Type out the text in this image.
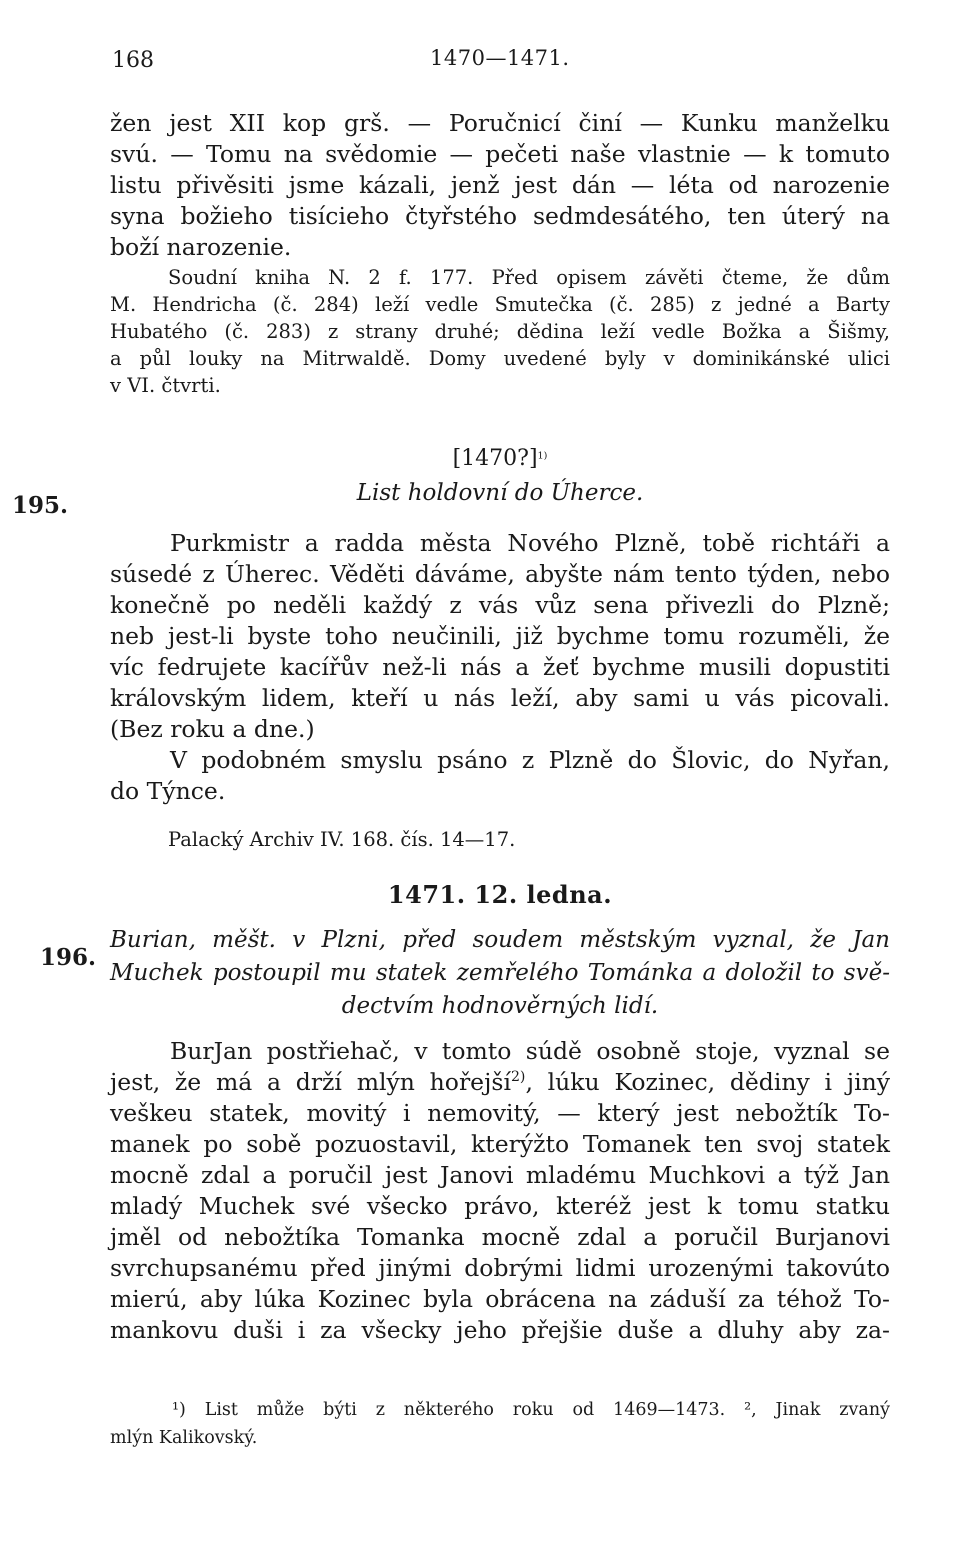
168	1470—1471.
žen jest XII kop grš. — Poručnicí činí — Kunku manželku
svú. — Tomu na svědomie — pečeti naše vlastnie — k tomuto
listu přivěsiti jsme kázali, jenž jest dán — léta od narozenie
syna božieho tisícieho čtyřstého sedmdesátého, ten úterý na
boží narozenie.
Soudní kniha N. 2 f. 177. Před opisem závěti čteme, že dům
M. Hendricha (č. 284) leží vedle Smutečka (č. 285) z jedné a Barty
Hubatého (č. 283) z strany druhé; dědina leží vedle Božka a Šišmy,
a půl louky na Mitrwaldě. Domy uvedené byly v dominikánské ulici
v VI. čtvrti.
[1470?]$^{1)}$
195.	List holdovní do Úherce.
Purkmistr a radda města Nového Plzně, tobě richtáři a
súsedé z Úherec. Věděti dáváme, abyšte nám tento týden, nebo
konečně po neděli každý z vás vůz sena přivezli do Plzně;
neb jest-li byste toho neučinili, již bychme tomu rozuměli, že
víc fedrujete kacířův než-li nás a žeť bychme musili dopustiti
královským lidem, kteří u nás leží, aby sami u vás picovali.
(Bez roku a dne.)
V podobném smyslu psáno z Plzně do Šlovic, do Nyřan,
do Týnce.
Palacký Archiv IV. 168. čís. 14—17.
1471. 12. ledna.
196.
Burian, měšt. v Plzni, před soudem městským vyznal, že Jan
Muchek postoupil mu statek zemřelého Tománka a doložil to svě-
dectvím hodnověrných lidí.
BurJan postřiehač, v tomto súdě osobně stoje, vyznal se
jest, že má a drží mlýn hořejší$^{2)}$, lúku Kozinec, dědiny i jiný
veškeu statek, movitý i nemovitý, — který jest nebožtík To-
manek po sobě pozuostavil, kterýžto Tomanek ten svoj statek
mocně zdal a poručil jest Janovi mladému Muchkovi a týž Jan
mladý Muchek své všecko právo, kteréž jest k tomu statku
jměl od nebožtíka Tomanka mocně zdal a poručil Burjanovi
svrchupsanému před jinými dobrými lidmi urozenými takovúto
mierú, aby lúka Kozinec byla obrácena na záduší za téhož To-
mankovu duši i za všecky jeho přejšie duše a dluhy aby za-
¹) List může býti z některého roku od 1469—1473. ², Jinak zvaný
mlýn Kalikovský.
